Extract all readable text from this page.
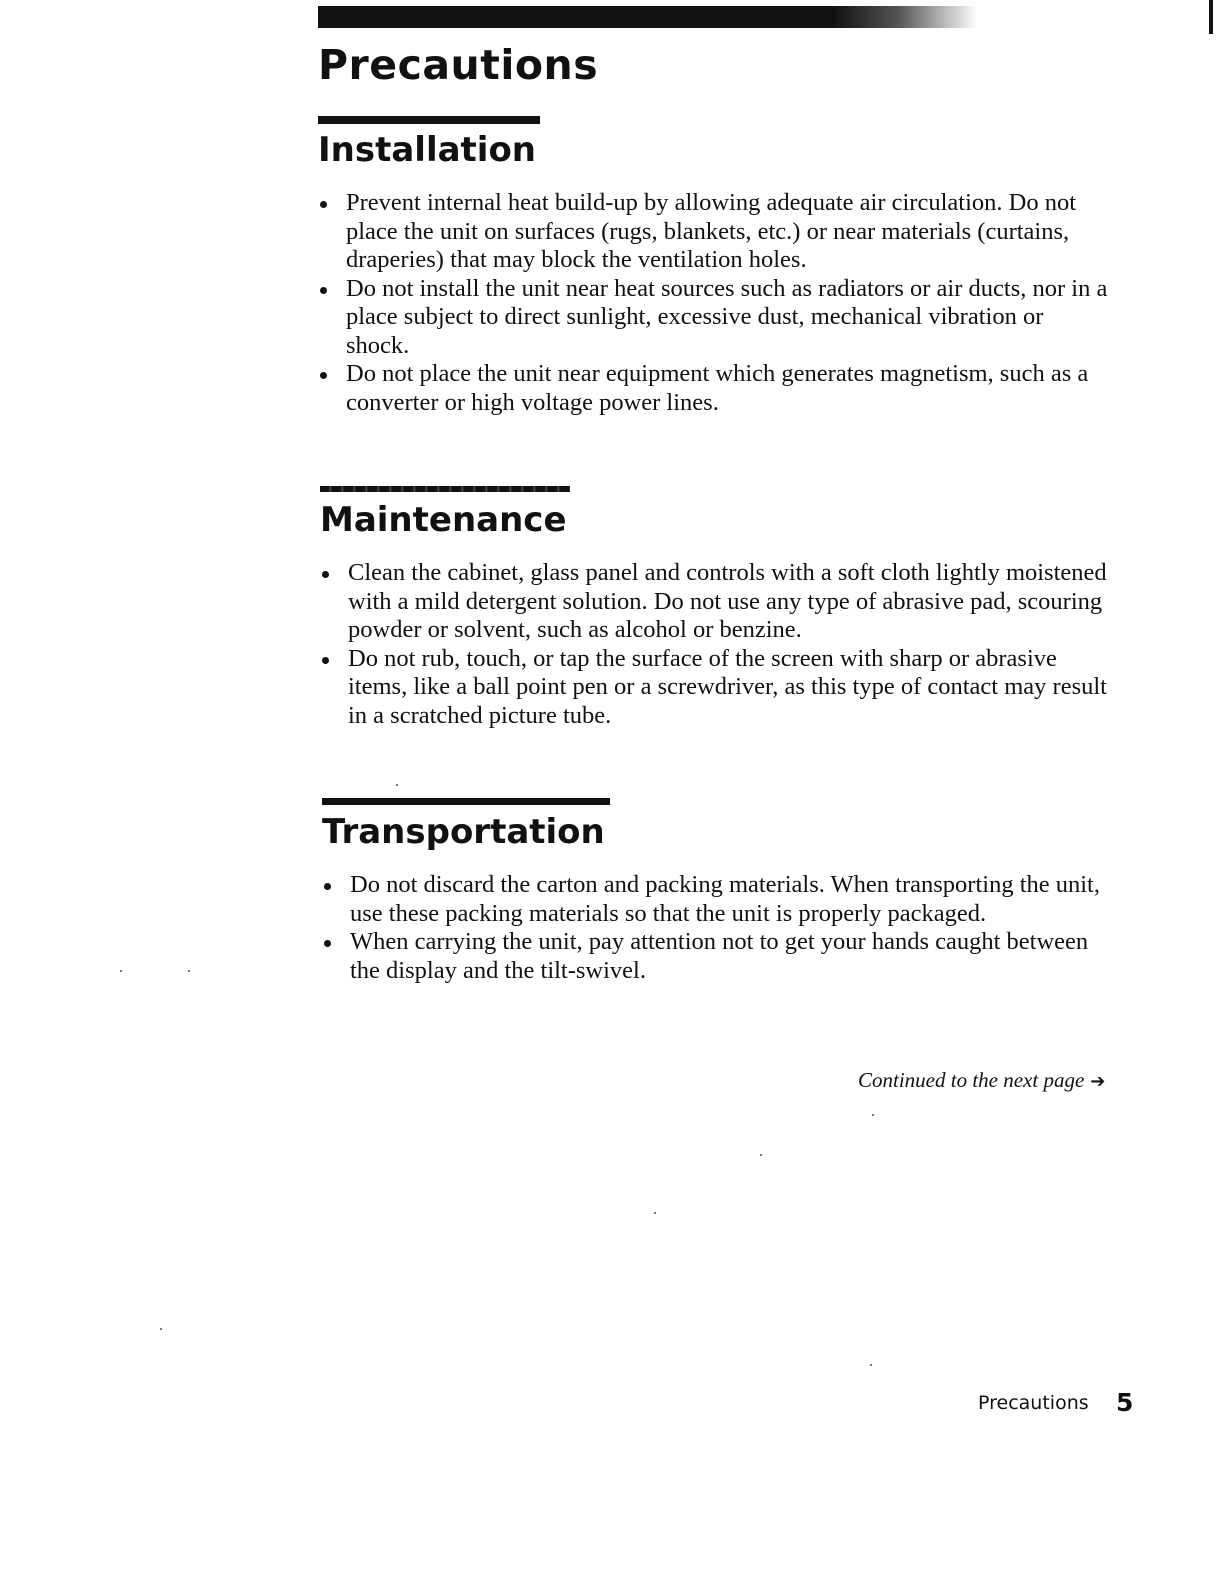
Precautions
Installation
Prevent internal heat build-up by allowing adequate air circulation. Do not place the unit on surfaces (rugs, blankets, etc.) or near materials (curtains, draperies) that may block the ventilation holes.
Do not install the unit near heat sources such as radiators or air ducts, nor in a place subject to direct sunlight, excessive dust, mechanical vibration or shock.
Do not place the unit near equipment which generates magnetism, such as a converter or high voltage power lines.
Maintenance
Clean the cabinet, glass panel and controls with a soft cloth lightly moistened with a mild detergent solution. Do not use any type of abrasive pad, scouring powder or solvent, such as alcohol or benzine.
Do not rub, touch, or tap the surface of the screen with sharp or abrasive items, like a ball point pen or a screwdriver, as this type of contact may result in a scratched picture tube.
Transportation
Do not discard the carton and packing materials. When transporting the unit, use these packing materials so that the unit is properly packaged.
When carrying the unit, pay attention not to get your hands caught between the display and the tilt-swivel.
Continued to the next page ➔
Precautions 5
